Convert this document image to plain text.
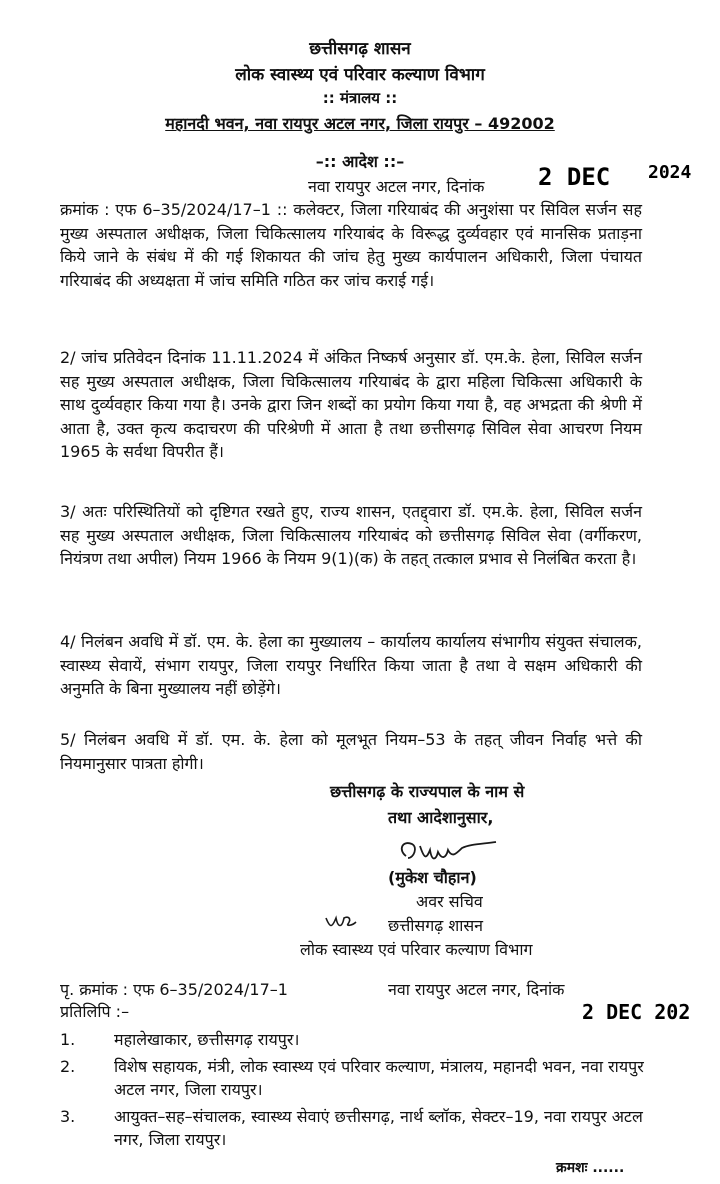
छत्तीसगढ़ शासन
लोक स्वास्थ्य एवं परिवार कल्याण विभाग
:: मंत्रालय ::
महानदी भवन, नवा रायपुर अटल नगर, जिला रायपुर – 492002
–:: आदेश ::–
नवा रायपुर अटल नगर, दिनांक 2 DEC 2024
क्रमांक : एफ 6–35/2024/17–1 :: कलेक्टर, जिला गरियाबंद की अनुशंसा पर सिविल सर्जन सह मुख्य अस्पताल अधीक्षक, जिला चिकित्सालय गरियाबंद के विरूद्ध दुर्व्यवहार एवं मानसिक प्रताड़ना किये जाने के संबंध में की गई शिकायत की जांच हेतु मुख्य कार्यपालन अधिकारी, जिला पंचायत गरियाबंद की अध्यक्षता में जांच समिति गठित कर जांच कराई गई।
2/ जांच प्रतिवेदन दिनांक 11.11.2024 में अंकित निष्कर्ष अनुसार डॉ. एम.के. हेला, सिविल सर्जन सह मुख्य अस्पताल अधीक्षक, जिला चिकित्सालय गरियाबंद के द्वारा महिला चिकित्सा अधिकारी के साथ दुर्व्यवहार किया गया है। उनके द्वारा जिन शब्दों का प्रयोग किया गया है, वह अभद्रता की श्रेणी में आता है, उक्त कृत्य कदाचरण की परिश्रेणी में आता है तथा छत्तीसगढ़ सिविल सेवा आचरण नियम 1965 के सर्वथा विपरीत हैं।
3/ अतः परिस्थितियों को दृष्टिगत रखते हुए, राज्य शासन, एतद्द्वारा डॉ. एम.के. हेला, सिविल सर्जन सह मुख्य अस्पताल अधीक्षक, जिला चिकित्सालय गरियाबंद को छत्तीसगढ़ सिविल सेवा (वर्गीकरण, नियंत्रण तथा अपील) नियम 1966 के नियम 9(1)(क) के तहत् तत्काल प्रभाव से निलंबित करता है।
4/ निलंबन अवधि में डॉ. एम. के. हेला का मुख्यालय – कार्यालय कार्यालय संभागीय संयुक्त संचालक, स्वास्थ्य सेवायें, संभाग रायपुर, जिला रायपुर निर्धारित किया जाता है तथा वे सक्षम अधिकारी की अनुमति के बिना मुख्यालय नहीं छोड़ेंगे।
5/ निलंबन अवधि में डॉ. एम. के. हेला को मूलभूत नियम–53 के तहत् जीवन निर्वाह भत्ते की नियमानुसार पात्रता होगी।
छत्तीसगढ़ के राज्यपाल के नाम से
तथा आदेशानुसार,
(मुकेश चौहान)
अवर सचिव
छत्तीसगढ़ शासन
लोक स्वास्थ्य एवं परिवार कल्याण विभाग
पृ. क्रमांक : एफ 6–35/2024/17–1	नवा रायपुर अटल नगर, दिनांक
प्रतिलिपि :–	2 DEC 202
1. महालेखाकार, छत्तीसगढ़ रायपुर।
2. विशेष सहायक, मंत्री, लोक स्वास्थ्य एवं परिवार कल्याण, मंत्रालय, महानदी भवन, नवा रायपुर अटल नगर, जिला रायपुर।
3. आयुक्त–सह–संचालक, स्वास्थ्य सेवाएं छत्तीसगढ़, नार्थ ब्लॉक, सेक्टर–19, नवा रायपुर अटल नगर, जिला रायपुर।
क्रमशः ......
